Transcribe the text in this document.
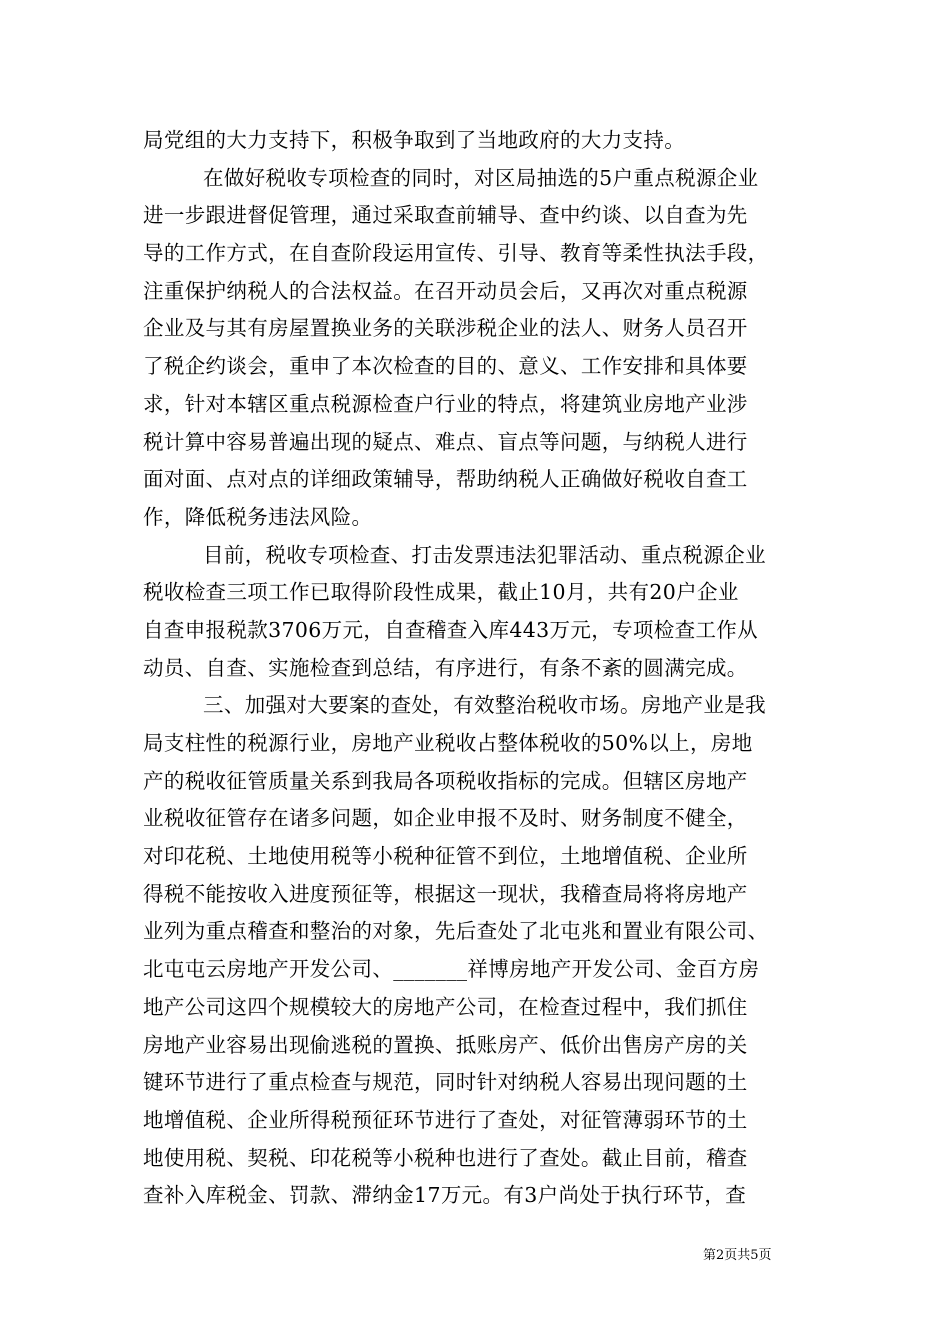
局党组的大力支持下，积极争取到了当地政府的大力支持。
在做好税收专项检查的同时，对区局抽选的5户重点税源企业
进一步跟进督促管理，通过采取查前辅导、查中约谈、以自查为先
导的工作方式，在自查阶段运用宣传、引导、教育等柔性执法手段，
注重保护纳税人的合法权益。在召开动员会后，又再次对重点税源
企业及与其有房屋置换业务的关联涉税企业的法人、财务人员召开
了税企约谈会，重申了本次检查的目的、意义、工作安排和具体要
求，针对本辖区重点税源检查户行业的特点，将建筑业房地产业涉
税计算中容易普遍出现的疑点、难点、盲点等问题，与纳税人进行
面对面、点对点的详细政策辅导，帮助纳税人正确做好税收自查工
作，降低税务违法风险。
目前，税收专项检查、打击发票违法犯罪活动、重点税源企业
税收检查三项工作已取得阶段性成果，截止10月，共有20户企业
自查申报税款3706万元，自查稽查入库443万元，专项检查工作从
动员、自查、实施检查到总结，有序进行，有条不紊的圆满完成。
三、加强对大要案的查处，有效整治税收市场。房地产业是我
局支柱性的税源行业，房地产业税收占整体税收的50%以上，房地
产的税收征管质量关系到我局各项税收指标的完成。但辖区房地产
业税收征管存在诸多问题，如企业申报不及时、财务制度不健全，
对印花税、土地使用税等小税种征管不到位，土地增值税、企业所
得税不能按收入进度预征等，根据这一现状，我稽查局将将房地产
业列为重点稽查和整治的对象，先后查处了北屯兆和置业有限公司、
北屯屯云房地产开发公司、_______祥博房地产开发公司、金百方房
地产公司这四个规模较大的房地产公司，在检查过程中，我们抓住
房地产业容易出现偷逃税的置换、抵账房产、低价出售房产房的关
键环节进行了重点检查与规范，同时针对纳税人容易出现问题的土
地增值税、企业所得税预征环节进行了查处，对征管薄弱环节的土
地使用税、契税、印花税等小税种也进行了查处。截止目前，稽查
查补入库税金、罚款、滞纳金17万元。有3户尚处于执行环节，查
第2页共5页
